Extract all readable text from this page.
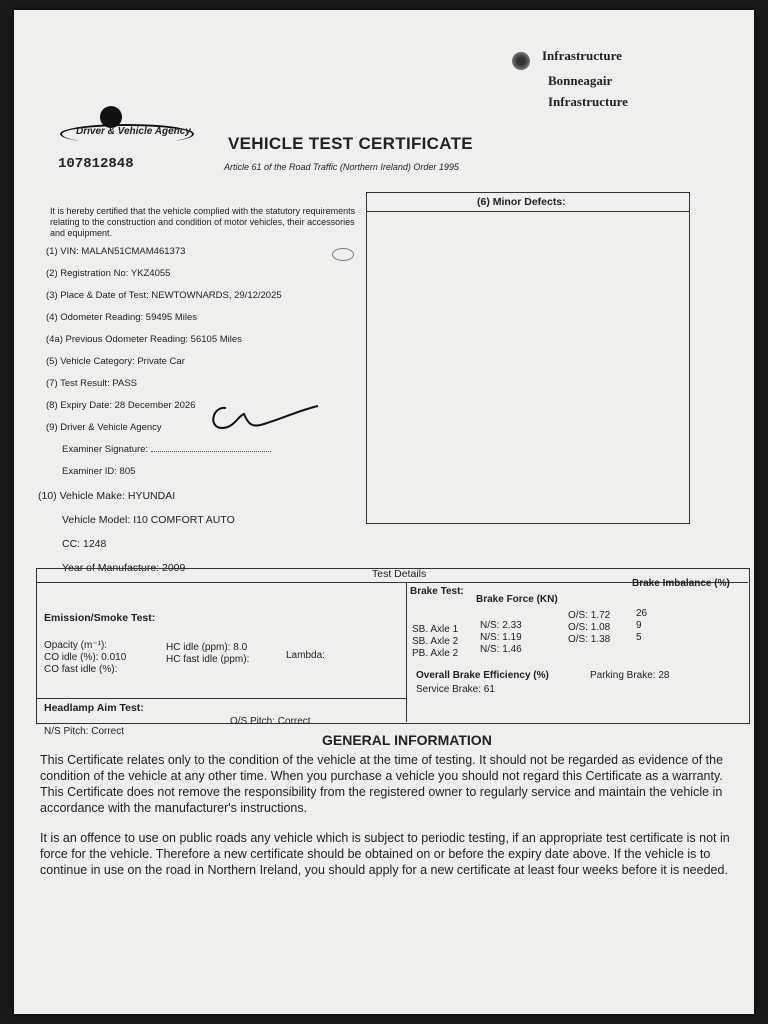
Infrastructure
Bonneagair
Infrastructure
Driver & Vehicle Agency
107812848
VEHICLE TEST CERTIFICATE
Article 61 of the Road Traffic (Northern Ireland) Order 1995
It is hereby certified that the vehicle complied with the statutory requirements relating to the construction and condition of motor vehicles, their accessories and equipment.
(1) VIN: MALAN51CMAM461373
(2) Registration No: YKZ4055
(3) Place & Date of Test: NEWTOWNARDS, 29/12/2025
(4) Odometer Reading: 59495 Miles
(4a) Previous Odometer Reading: 56105 Miles
(5) Vehicle Category: Private Car
(7) Test Result: PASS
(8) Expiry Date: 28 December 2026
(9) Driver & Vehicle Agency
Examiner Signature:
Examiner ID: 805
(10) Vehicle Make: HYUNDAI
Vehicle Model: I10 COMFORT AUTO
CC: 1248
Year of Manufacture: 2009
(6) Minor Defects:
Test Details
Emission/Smoke Test:
Opacity (m⁻¹):
CO idle (%): 0.010
CO fast idle (%):
HC idle (ppm): 8.0
HC fast idle (ppm):	Lambda:
Headlamp Aim Test:
N/S Pitch: Correct
O/S Pitch: Correct
Brake Test:
Brake Force (KN)
Brake Imbalance (%)
SB. Axle 1
SB. Axle 2
PB. Axle 2
N/S: 2.33
N/S: 1.19
N/S: 1.46
O/S: 1.72
O/S: 1.08
O/S: 1.38
26
9
5
Overall Brake Efficiency (%)
Service Brake: 61
Parking Brake: 28
GENERAL INFORMATION
This Certificate relates only to the condition of the vehicle at the time of testing. It should not be regarded as evidence of the condition of the vehicle at any other time. When you purchase a vehicle you should not regard this Certificate as a warranty. This Certificate does not remove the responsibility from the registered owner to regularly service and maintain the vehicle in accordance with the manufacturer's instructions.
It is an offence to use on public roads any vehicle which is subject to periodic testing, if an appropriate test certificate is not in force for the vehicle. Therefore a new certificate should be obtained on or before the expiry date above. If the vehicle is to continue in use on the road in Northern Ireland, you should apply for a new certificate at least four weeks before it is needed.
